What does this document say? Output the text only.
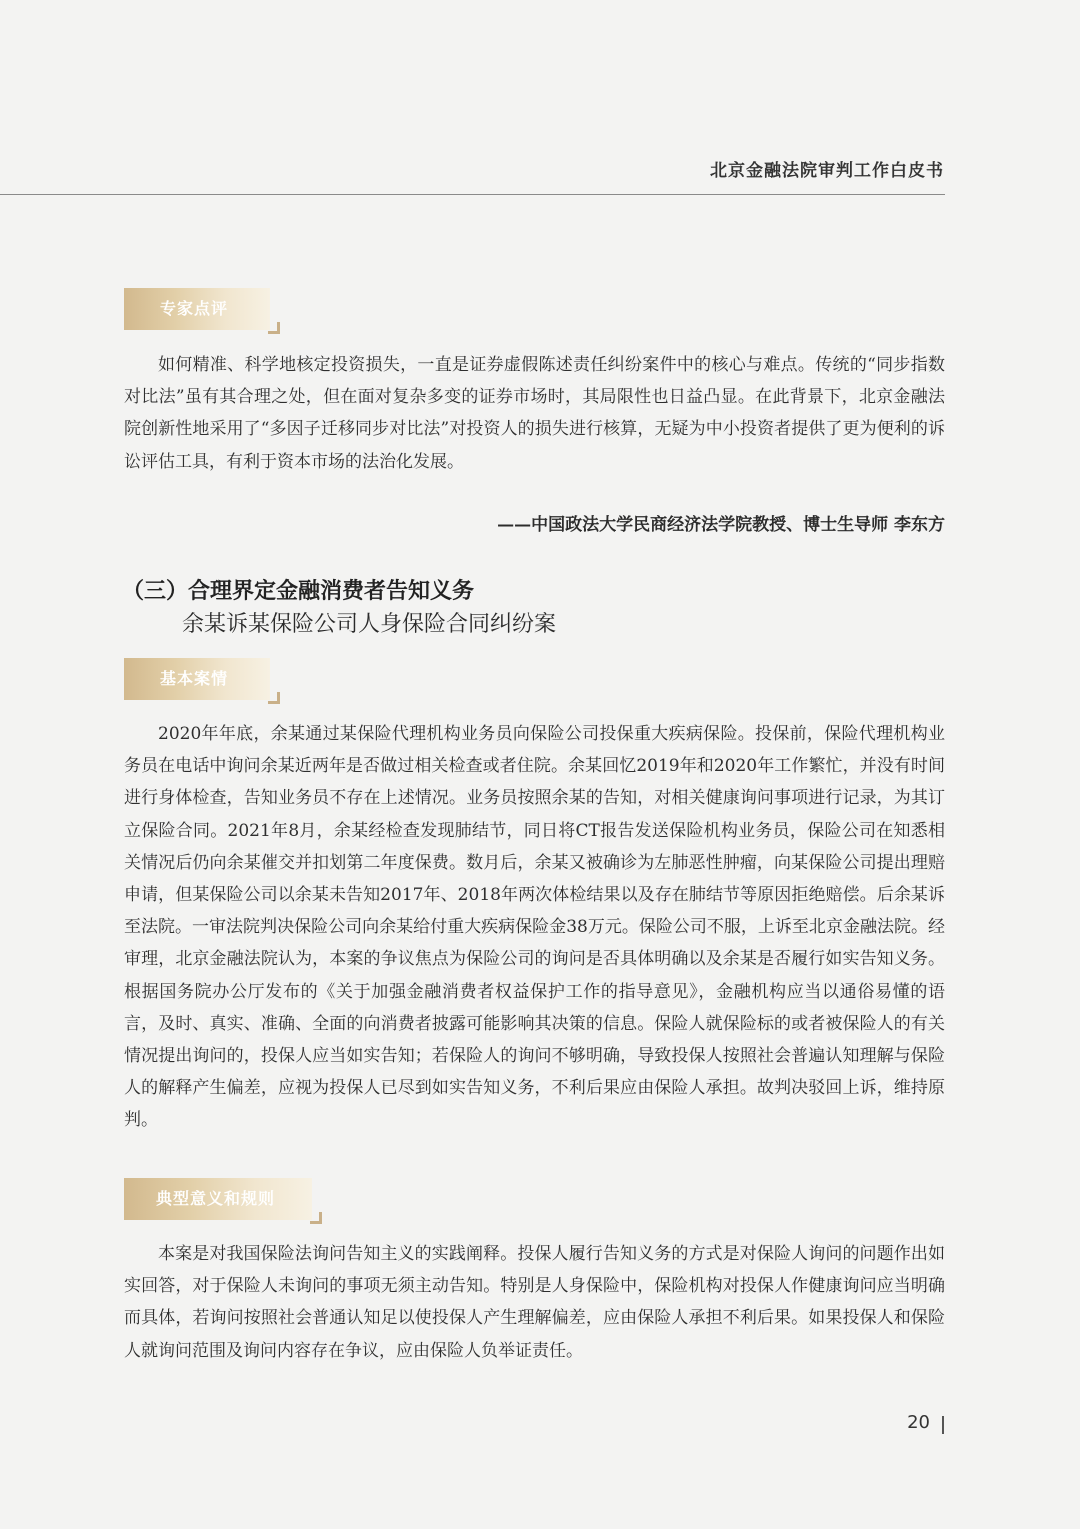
北京金融法院审判工作白皮书
专家点评

如何精准、科学地核定投资损失，一直是证券虚假陈述责任纠纷案件中的核心与难点。传统的“同步指数对比法”虽有其合理之处，但在面对复杂多变的证券市场时，其局限性也日益凸显。在此背景下，北京金融法院创新性地采用了“多因子迁移同步对比法”对投资人的损失进行核算，无疑为中小投资者提供了更为便利的诉讼评估工具，有利于资本市场的法治化发展。

——中国政法大学民商经济法学院教授、博士生导师 李东方
（三）合理界定金融消费者告知义务
余某诉某保险公司人身保险合同纠纷案
基本案情

2020年年底，余某通过某保险代理机构业务员向保险公司投保重大疾病保险。投保前，保险代理机构业务员在电话中询问余某近两年是否做过相关检查或者住院。余某回忆2019年和2020年工作繁忙，并没有时间进行身体检查，告知业务员不存在上述情况。业务员按照余某的告知，对相关健康询问事项进行记录，为其订立保险合同。2021年8月，余某经检查发现肺结节，同日将CT报告发送保险机构业务员，保险公司在知悉相关情况后仍向余某催交并扣划第二年度保费。数月后，余某又被确诊为左肺恶性肿瘤，向某保险公司提出理赔申请，但某保险公司以余某未告知2017年、2018年两次体检结果以及存在肺结节等原因拒绝赔偿。后余某诉至法院。一审法院判决保险公司向余某给付重大疾病保险金38万元。保险公司不服，上诉至北京金融法院。经审理，北京金融法院认为，本案的争议焦点为保险公司的询问是否具体明确以及余某是否履行如实告知义务。根据国务院办公厅发布的《关于加强金融消费者权益保护工作的指导意见》，金融机构应当以通俗易懂的语言，及时、真实、准确、全面的向消费者披露可能影响其决策的信息。保险人就保险标的或者被保险人的有关情况提出询问的，投保人应当如实告知；若保险人的询问不够明确，导致投保人按照社会普遍认知理解与保险人的解释产生偏差，应视为投保人已尽到如实告知义务，不利后果应由保险人承担。故判决驳回上诉，维持原判。

典型意义和规则

本案是对我国保险法询问告知主义的实践阐释。投保人履行告知义务的方式是对保险人询问的问题作出如实回答，对于保险人未询问的事项无须主动告知。特别是人身保险中，保险机构对投保人作健康询问应当明确而具体，若询问按照社会普通认知足以使投保人产生理解偏差，应由保险人承担不利后果。如果投保人和保险人就询问范围及询问内容存在争议，应由保险人负举证责任。

20
